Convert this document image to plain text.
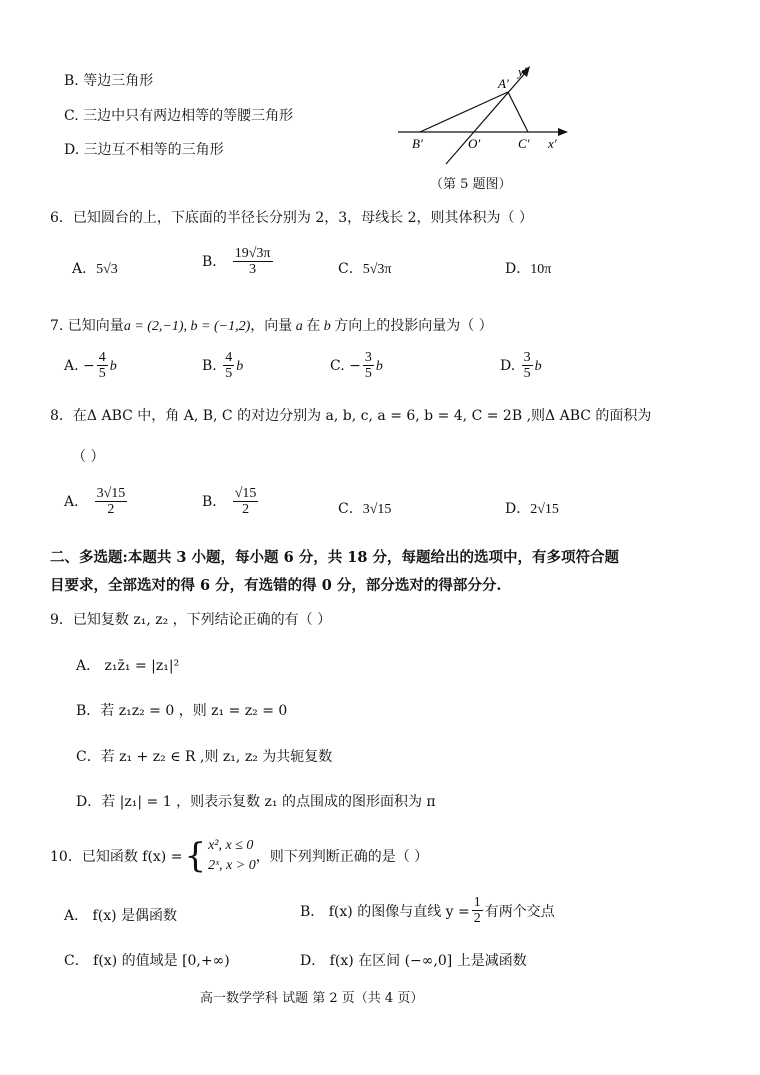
B. 等边三角形
C. 三边中只有两边相等的等腰三角形
D. 三边互不相等的三角形
y′
A′
B′	O′	C′ x′
（第 5 题图）
6．已知圆台的上，下底面的半径长分别为 2，3，母线长 2，则其体积为（ ）
A．5√3	B． $\frac{19√3\pi}{3}$	C．5√3π	D．10π
7. 已知向量a = (2,−1), b = (−1,2)，向量 a 在 b 方向上的投影向量为（ ）
A. − $\frac{4}{5}$ b	B. $\frac{4}{5}$ b	C. − $\frac{3}{5}$ b	D. $\frac{3}{5}$ b
8．在Δ ABC 中，角 A, B, C 的对边分别为 a, b, c, a = 6, b = 4, C = 2B ,则Δ ABC 的面积为
（ ）
A． $\frac{3√15}{2}$	B． $\frac{√15}{2}$	C．3√15	D．2√15
二、多选题:本题共 3 小题，每小题 6 分，共 18 分，每题给出的选项中，有多项符合题
目要求，全部选对的得 6 分，有选错的得 0 分，部分选对的得部分分.
9．已知复数 z₁, z₂ ，下列结论正确的有（ ）
A． z₁z̄₁ = |z₁|²
B．若 z₁z₂ = 0 ，则 z₁ = z₂ = 0
C．若 z₁ + z₂ ∈ R ,则 z₁, z₂ 为共轭复数
D．若 |z₁| = 1 ，则表示复数 z₁ 的点围成的图形面积为 π
10．已知函数 f(x) = { x², x ≤ 0
2ˣ, x > 0
，则下列判断正确的是（ ）
A． f(x) 是偶函数	B． f(x) 的图像与直线 $y = \frac{1}{2}$ 有两个交点
C． f(x) 的值域是 [0,+∞)	D． f(x) 在区间 (−∞,0] 上是减函数
高一数学学科 试题 第 2 页（共 4 页）
